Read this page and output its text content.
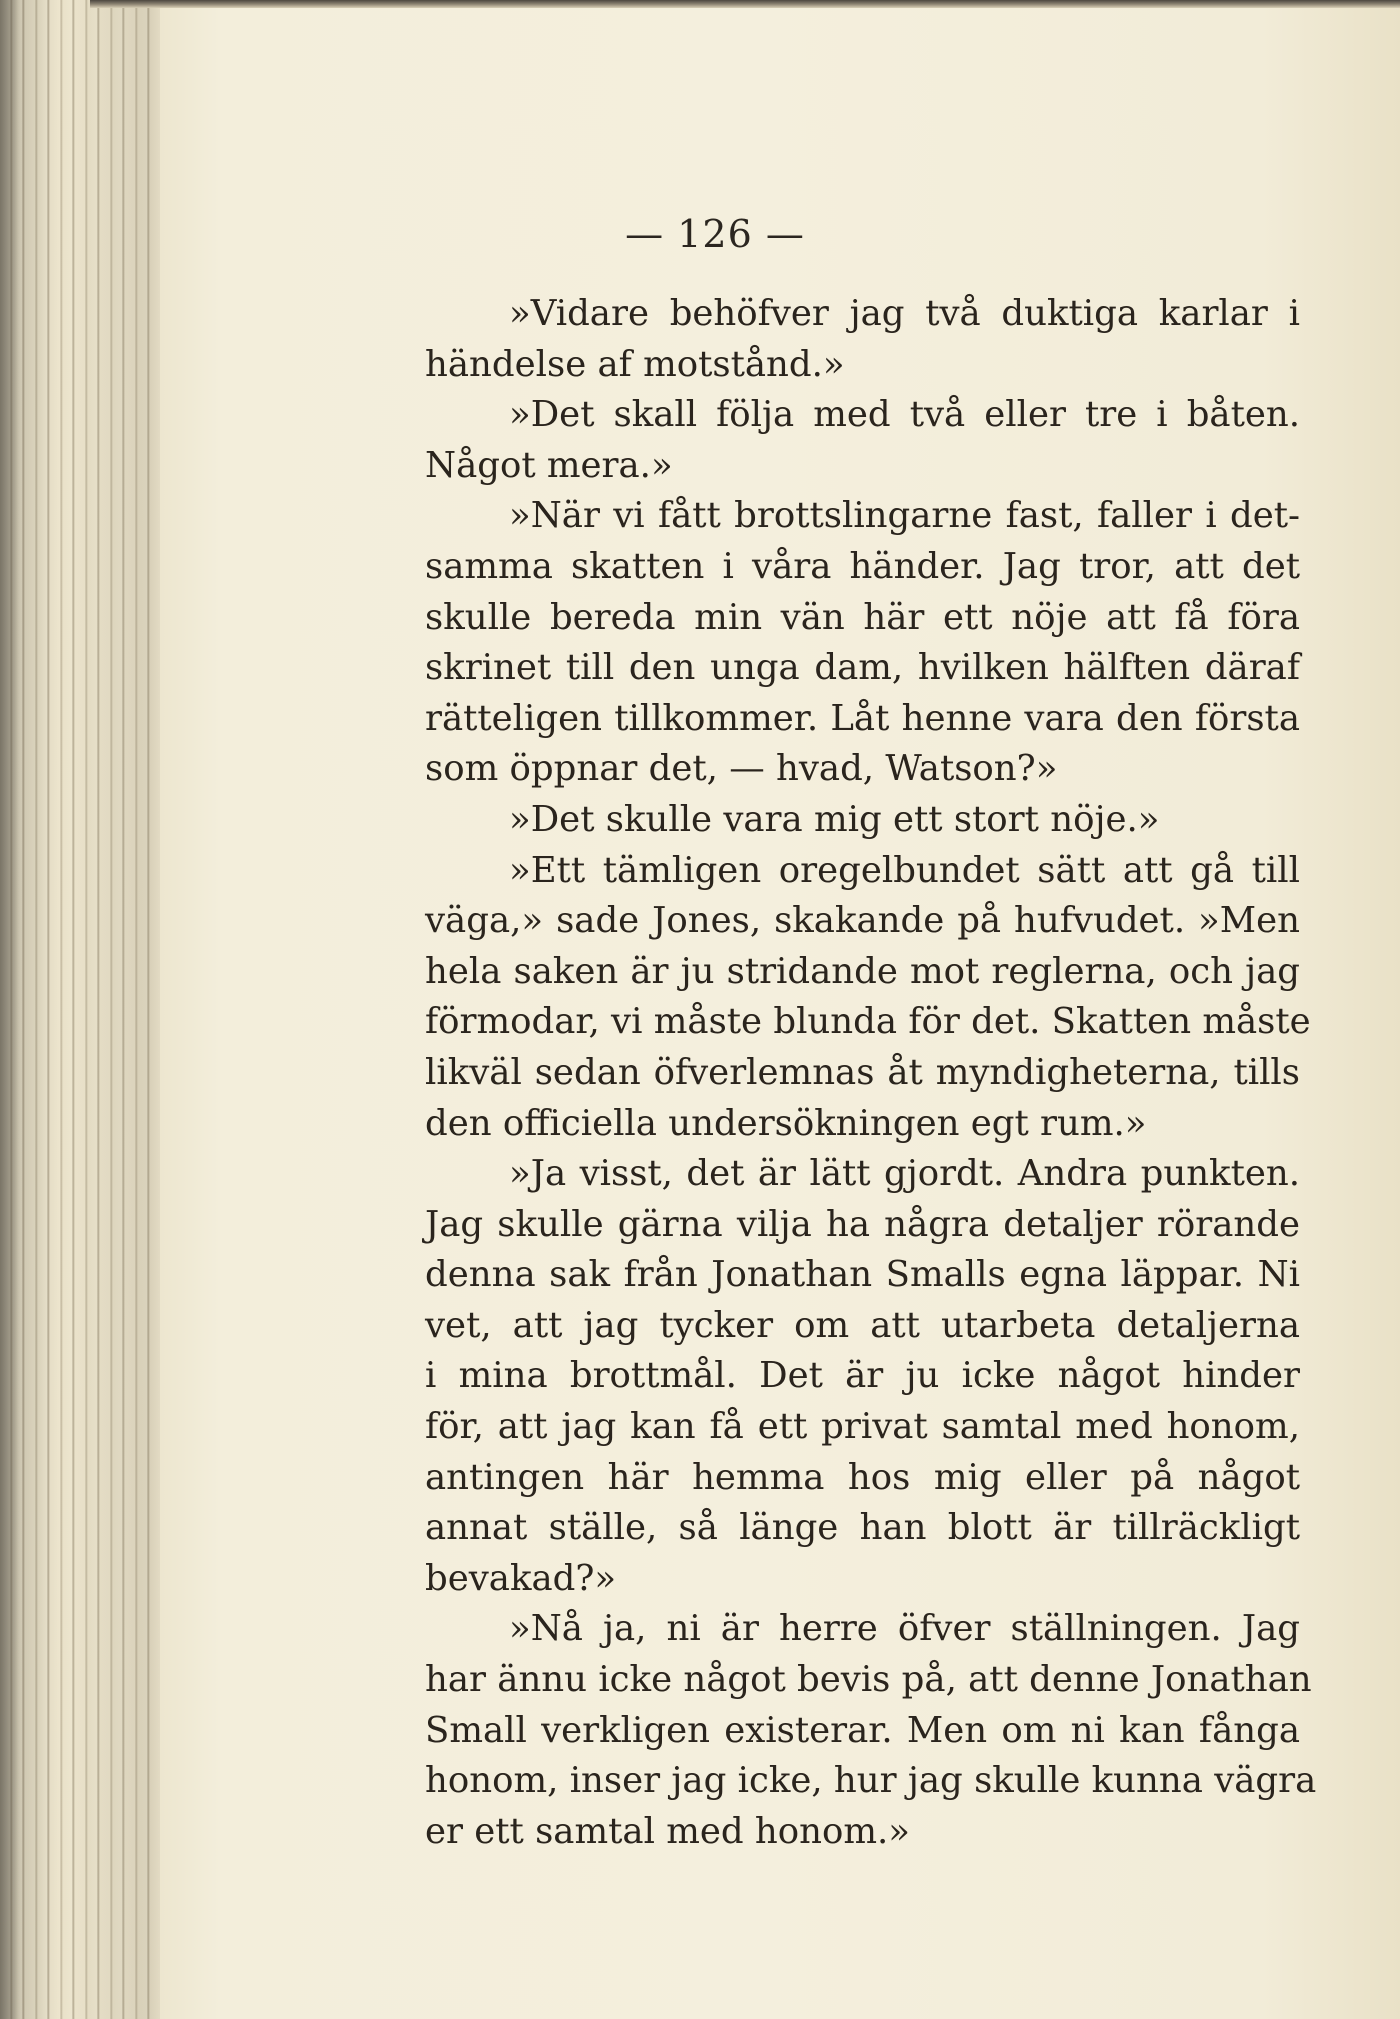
— 126 —
»Vidare behöfver jag två duktiga karlar i
händelse af motstånd.»
»Det skall följa med två eller tre i båten.
Något mera.»
»När vi fått brottslingarne fast, faller i det-
samma skatten i våra händer. Jag tror, att det
skulle bereda min vän här ett nöje att få föra
skrinet till den unga dam, hvilken hälften däraf
rätteligen tillkommer. Låt henne vara den första
som öppnar det, — hvad, Watson?»
»Det skulle vara mig ett stort nöje.»
»Ett tämligen oregelbundet sätt att gå till
väga,» sade Jones, skakande på hufvudet. »Men
hela saken är ju stridande mot reglerna, och jag
förmodar, vi måste blunda för det. Skatten måste
likväl sedan öfverlemnas åt myndigheterna, tills
den officiella undersökningen egt rum.»
»Ja visst, det är lätt gjordt. Andra punkten.
Jag skulle gärna vilja ha några detaljer rörande
denna sak från Jonathan Smalls egna läppar. Ni
vet, att jag tycker om att utarbeta detaljerna
i mina brottmål. Det är ju icke något hinder
för, att jag kan få ett privat samtal med honom,
antingen här hemma hos mig eller på något
annat ställe, så länge han blott är tillräckligt
bevakad?»
»Nå ja, ni är herre öfver ställningen. Jag
har ännu icke något bevis på, att denne Jonathan
Small verkligen existerar. Men om ni kan fånga
honom, inser jag icke, hur jag skulle kunna vägra
er ett samtal med honom.»
